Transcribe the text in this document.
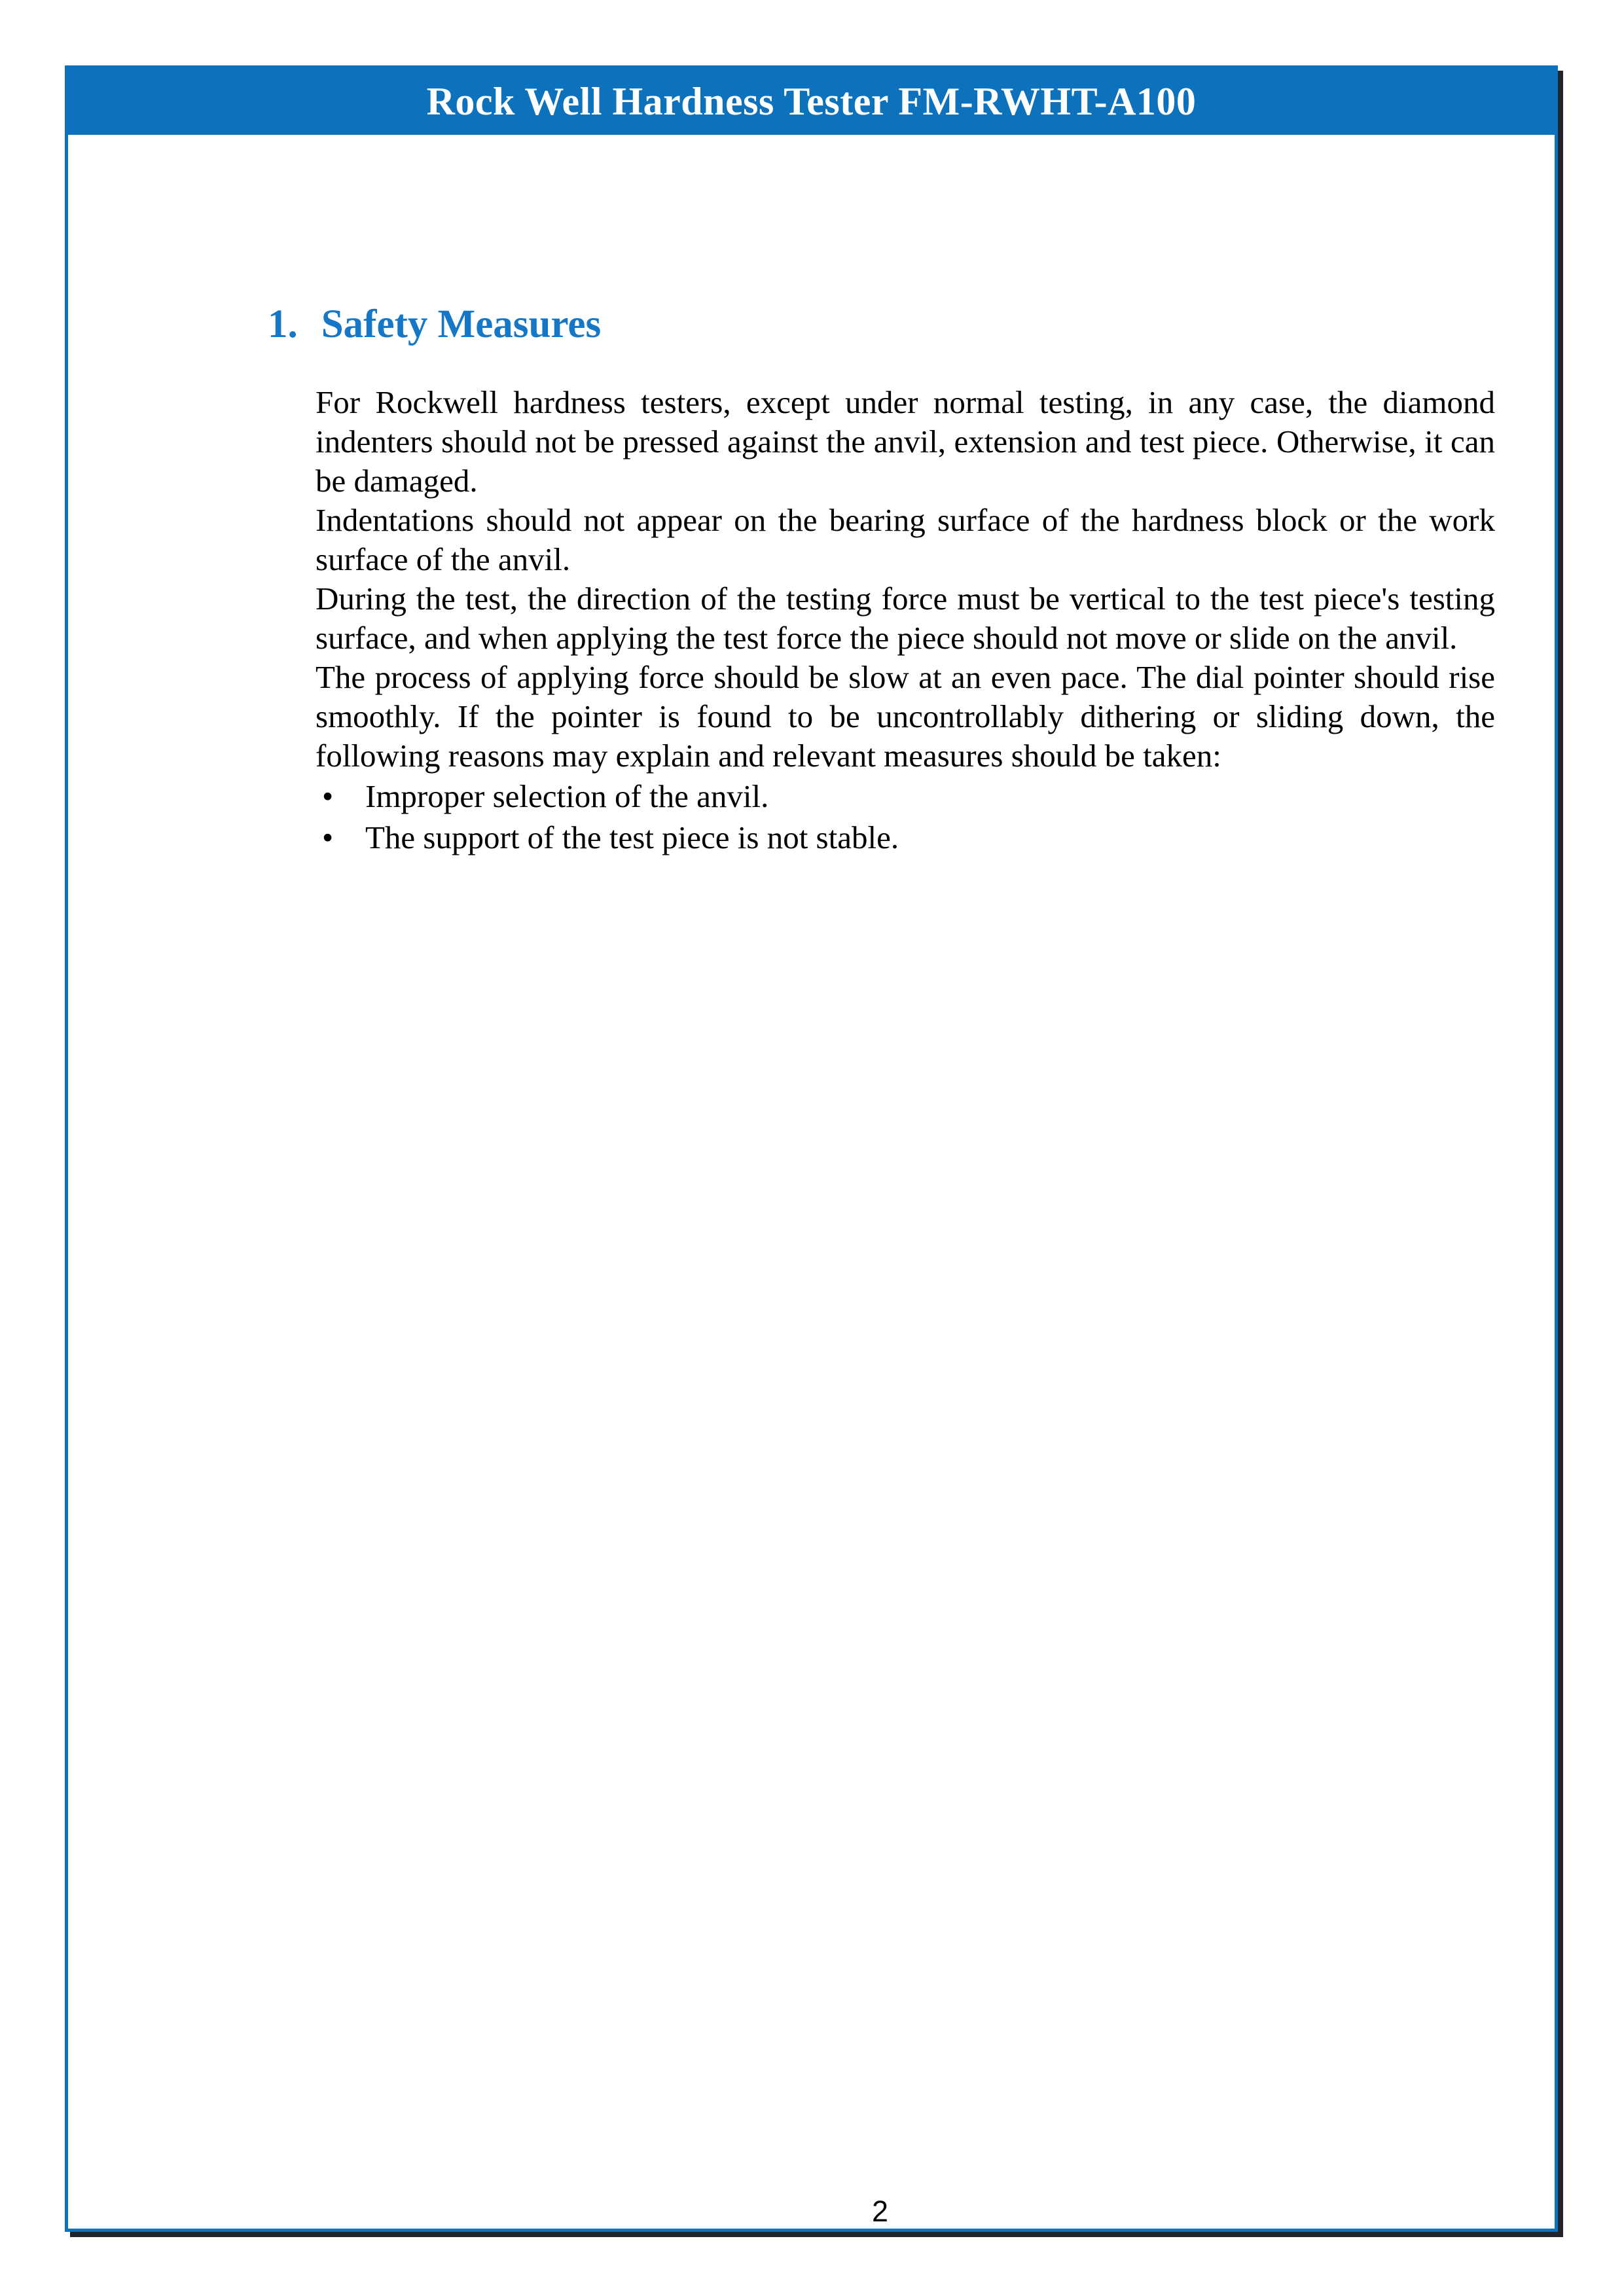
Rock Well Hardness Tester FM-RWHT-A100
1. Safety Measures

For Rockwell hardness testers, except under normal testing, in any case, the diamond indenters should not be pressed against the anvil, extension and test piece. Otherwise, it can be damaged.

Indentations should not appear on the bearing surface of the hardness block or the work surface of the anvil.

During the test, the direction of the testing force must be vertical to the test piece's testing surface, and when applying the test force the piece should not move or slide on the anvil.

The process of applying force should be slow at an even pace. The dial pointer should rise smoothly. If the pointer is found to be uncontrollably dithering or sliding down, the following reasons may explain and relevant measures should be taken:

• Improper selection of the anvil.
• The support of the test piece is not stable.
2
